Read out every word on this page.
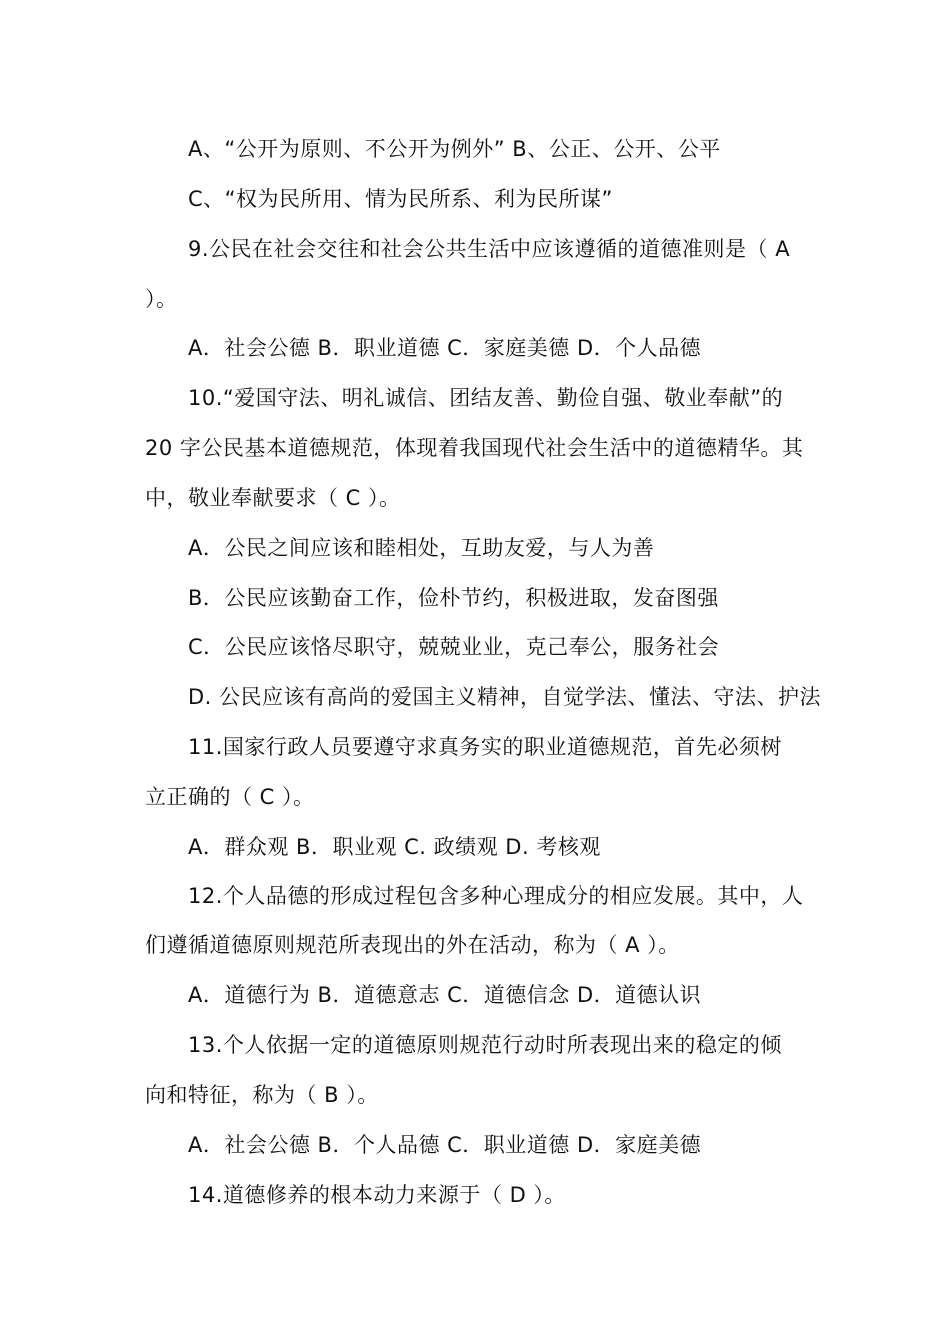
A、“公开为原则、不公开为例外” B、公正、公开、公平
C、“权为民所用、情为民所系、利为民所谋”
9.公民在社会交往和社会公共生活中应该遵循的道德准则是（ A
）。
A．社会公德 B．职业道德 C．家庭美德 D．个人品德
10.“爱国守法、明礼诚信、团结友善、勤俭自强、敬业奉献”的
20 字公民基本道德规范，体现着我国现代社会生活中的道德精华。其
中，敬业奉献要求（ C ）。
A．公民之间应该和睦相处，互助友爱，与人为善
B．公民应该勤奋工作，俭朴节约，积极进取，发奋图强
C．公民应该恪尽职守，兢兢业业，克己奉公，服务社会
D. 公民应该有高尚的爱国主义精神，自觉学法、懂法、守法、护法
11.国家行政人员要遵守求真务实的职业道德规范，首先必须树
立正确的（ C ）。
A．群众观 B．职业观 C. 政绩观 D. 考核观
12.个人品德的形成过程包含多种心理成分的相应发展。其中，人
们遵循道德原则规范所表现出的外在活动，称为（ A ）。
A．道德行为 B．道德意志 C．道德信念 D．道德认识
13.个人依据一定的道德原则规范行动时所表现出来的稳定的倾
向和特征，称为（ B ）。
A．社会公德 B．个人品德 C．职业道德 D．家庭美德
14.道德修养的根本动力来源于（ D ）。
